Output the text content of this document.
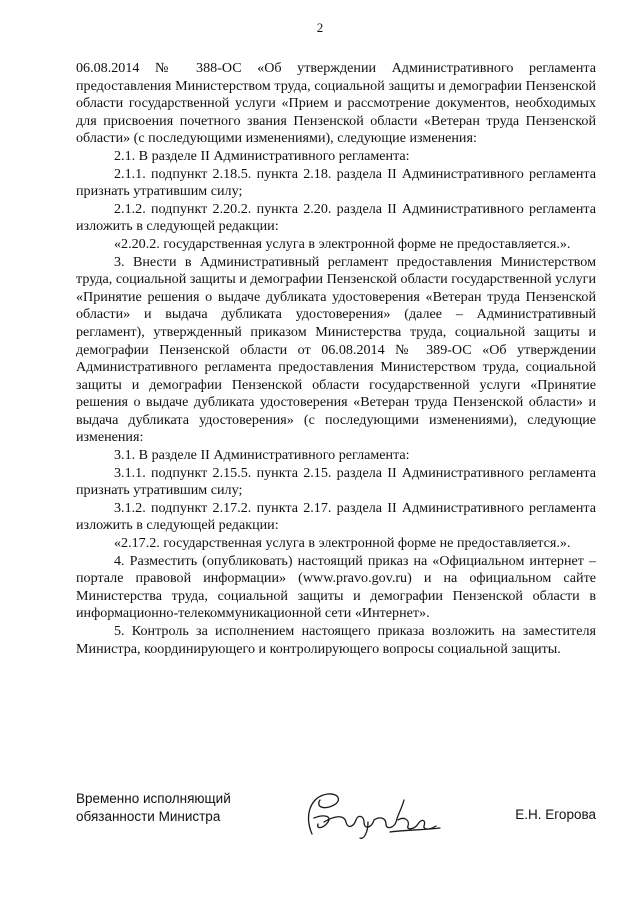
2

06.08.2014 № 388-ОС «Об утверждении Административного регламента предоставления Министерством труда, социальной защиты и демографии Пензенской области государственной услуги «Прием и рассмотрение документов, необходимых для присвоения почетного звания Пензенской области «Ветеран труда Пензенской области» (с последующими изменениями), следующие изменения:

2.1. В разделе II Административного регламента:

2.1.1. подпункт 2.18.5. пункта 2.18. раздела II Административного регламента признать утратившим силу;

2.1.2. подпункт 2.20.2. пункта 2.20. раздела II Административного регламента изложить в следующей редакции:

«2.20.2. государственная услуга в электронной форме не предоставляется.».

3. Внести в Административный регламент предоставления Министерством труда, социальной защиты и демографии Пензенской области государственной услуги «Принятие решения о выдаче дубликата удостоверения «Ветеран труда Пензенской области» и выдача дубликата удостоверения» (далее – Административный регламент), утвержденный приказом Министерства труда, социальной защиты и демографии Пензенской области от 06.08.2014 № 389-ОС «Об утверждении Административного регламента предоставления Министерством труда, социальной защиты и демографии Пензенской области государственной услуги «Принятие решения о выдаче дубликата удостоверения «Ветеран труда Пензенской области» и выдача дубликата удостоверения» (с последующими изменениями), следующие изменения:

3.1. В разделе II Административного регламента:

3.1.1. подпункт 2.15.5. пункта 2.15. раздела II Административного регламента признать утратившим силу;

3.1.2. подпункт 2.17.2. пункта 2.17. раздела II Административного регламента изложить в следующей редакции:

«2.17.2. государственная услуга в электронной форме не предоставляется.».

4. Разместить (опубликовать) настоящий приказ на «Официальном интернет – портале правовой информации» (www.pravo.gov.ru) и на официальном сайте Министерства труда, социальной защиты и демографии Пензенской области в информационно-телекоммуникационной сети «Интернет».

5. Контроль за исполнением настоящего приказа возложить на заместителя Министра, координирующего и контролирующего вопросы социальной защиты.

Временно исполняющий
обязанности Министра	Е.Н. Егорова
